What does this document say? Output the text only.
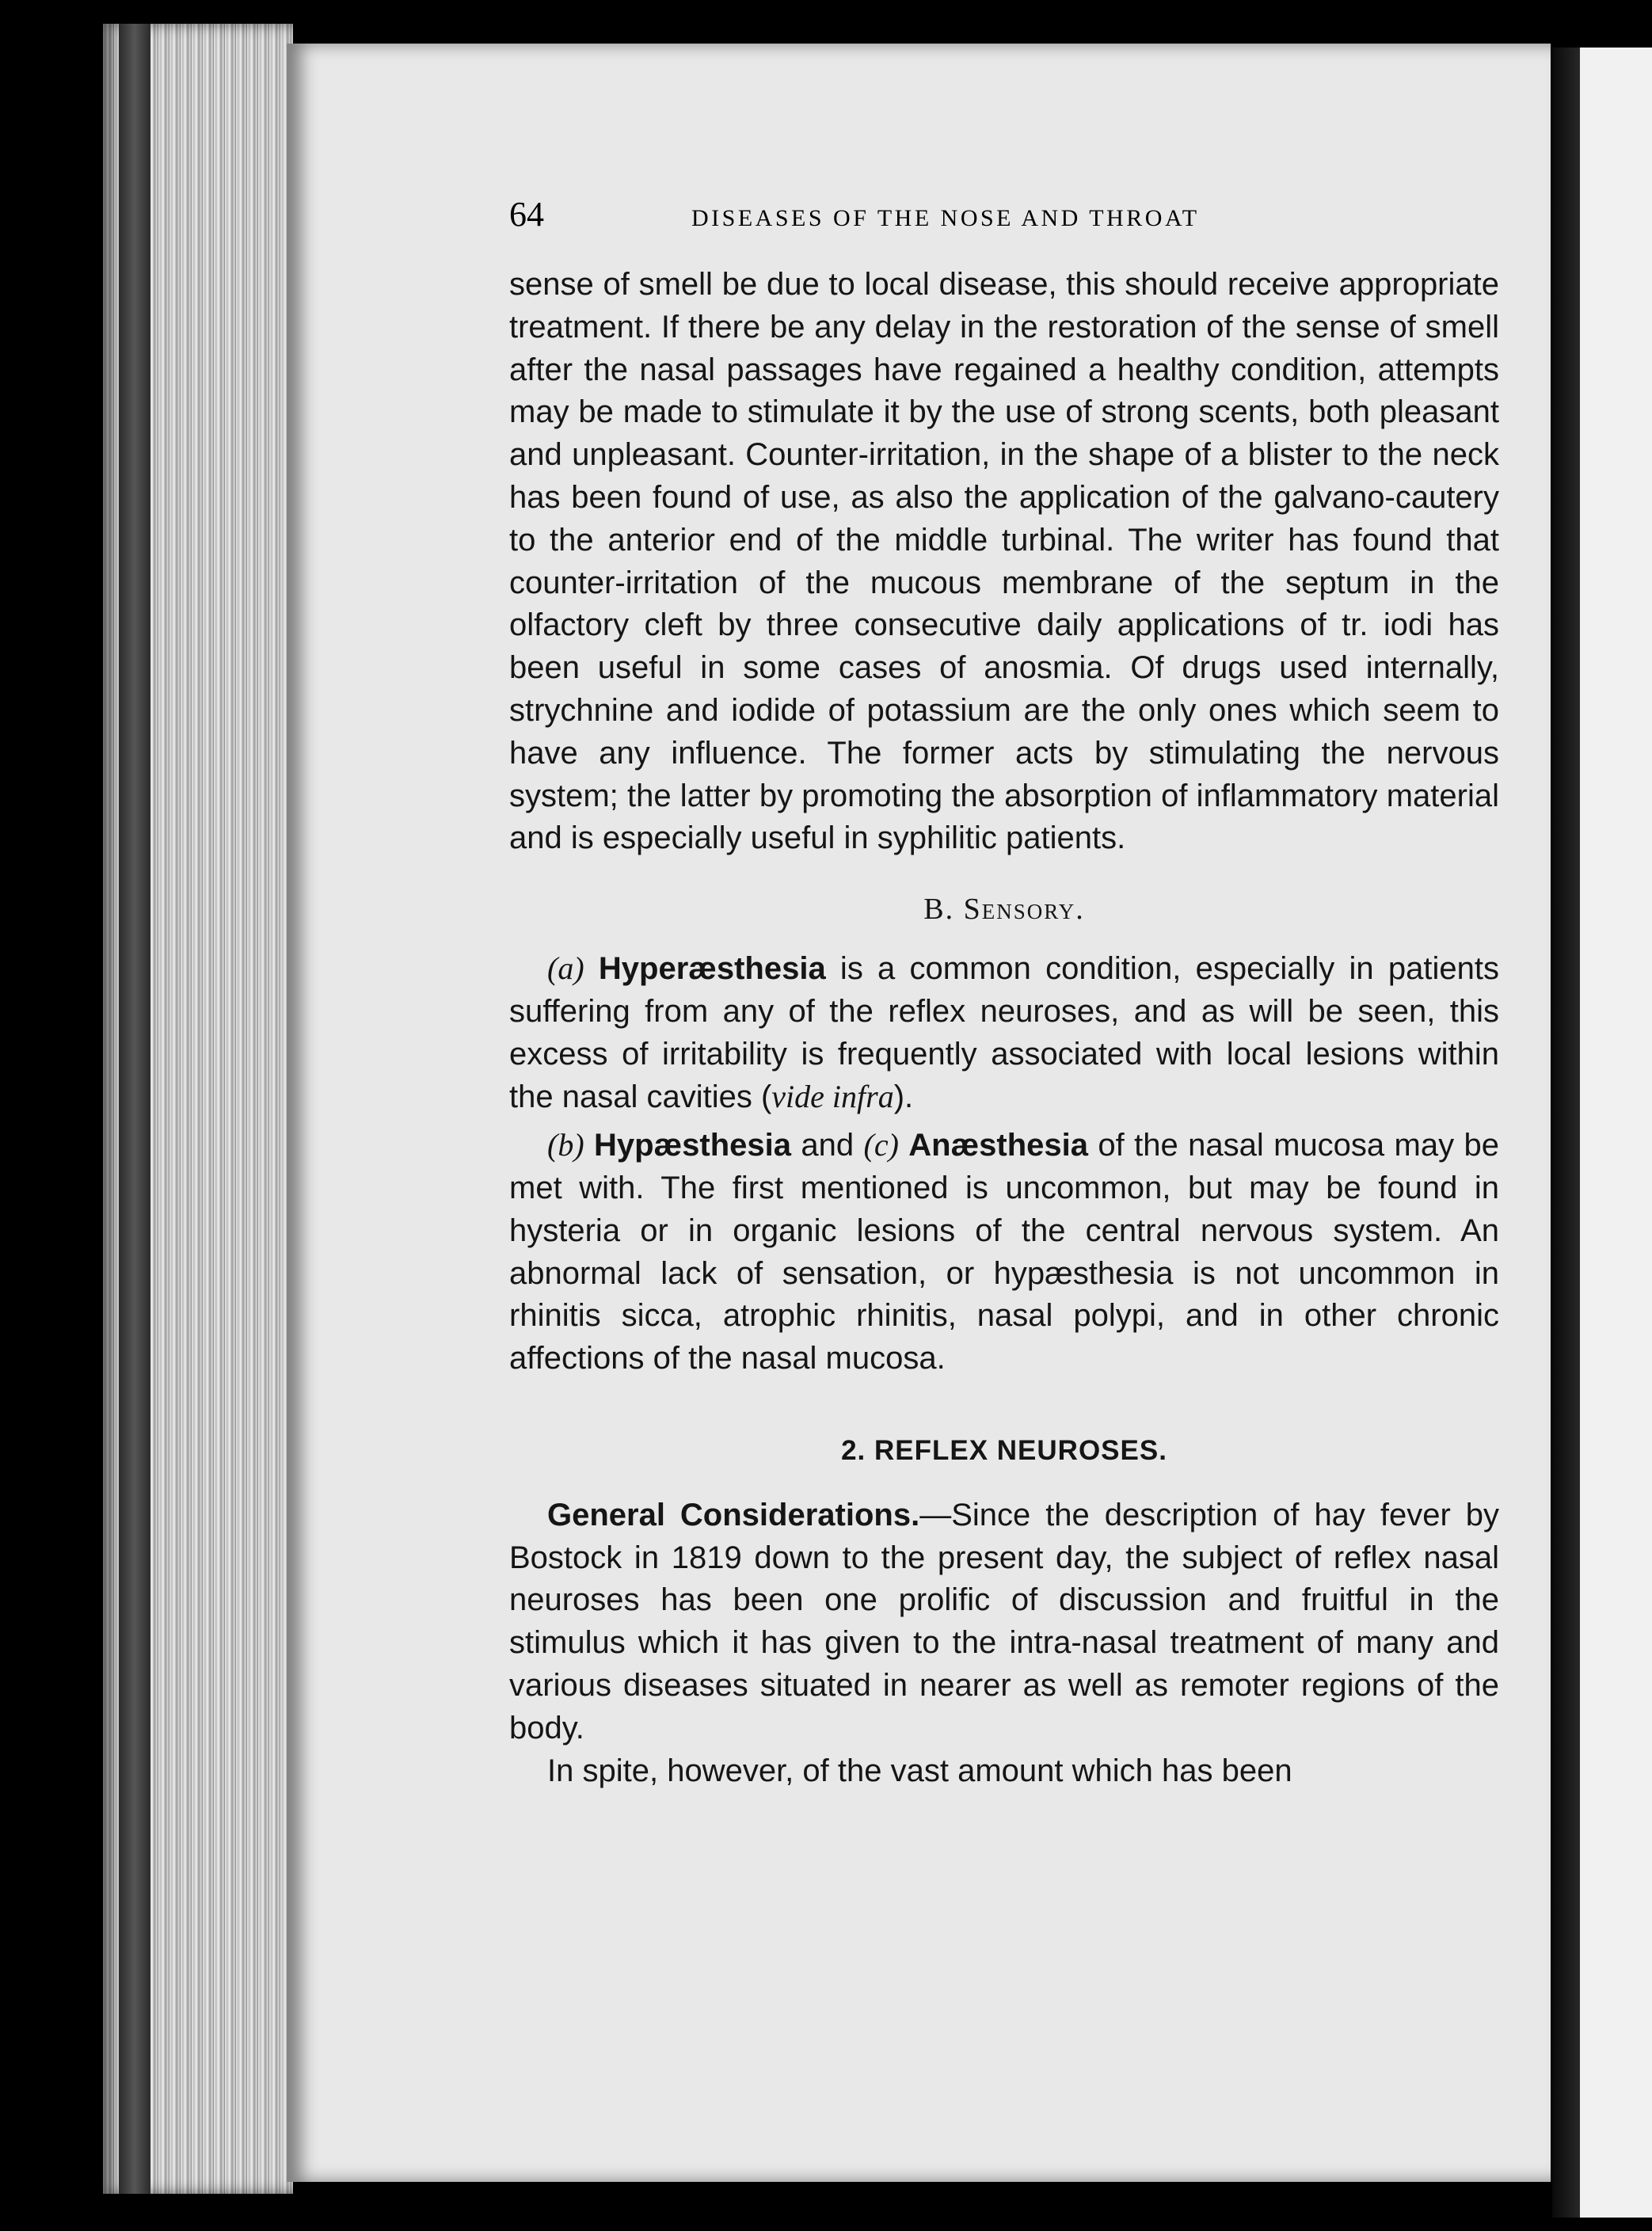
64	DISEASES OF THE NOSE AND THROAT

sense of smell be due to local disease, this should receive appropriate treatment. If there be any delay in the restoration of the sense of smell after the nasal passages have regained a healthy condition, attempts may be made to stimulate it by the use of strong scents, both pleasant and unpleasant. Counter-irritation, in the shape of a blister to the neck has been found of use, as also the application of the galvano-cautery to the anterior end of the middle turbinal. The writer has found that counter-irritation of the mucous membrane of the septum in the olfactory cleft by three consecutive daily applications of tr. iodi has been useful in some cases of anosmia. Of drugs used internally, strychnine and iodide of potassium are the only ones which seem to have any influence. The former acts by stimulating the nervous system; the latter by promoting the absorption of inflammatory material and is especially useful in syphilitic patients.

B. Sensory.

(a) Hyperæsthesia is a common condition, especially in patients suffering from any of the reflex neuroses, and as will be seen, this excess of irritability is frequently associated with local lesions within the nasal cavities (vide infra).

(b) Hypæsthesia and (c) Anæsthesia of the nasal mucosa may be met with. The first mentioned is uncommon, but may be found in hysteria or in organic lesions of the central nervous system. An abnormal lack of sensation, or hypæsthesia is not uncommon in rhinitis sicca, atrophic rhinitis, nasal polypi, and in other chronic affections of the nasal mucosa.

2. REFLEX NEUROSES.

General Considerations.—Since the description of hay fever by Bostock in 1819 down to the present day, the subject of reflex nasal neuroses has been one prolific of discussion and fruitful in the stimulus which it has given to the intra-nasal treatment of many and various diseases situated in nearer as well as remoter regions of the body.

In spite, however, of the vast amount which has been
